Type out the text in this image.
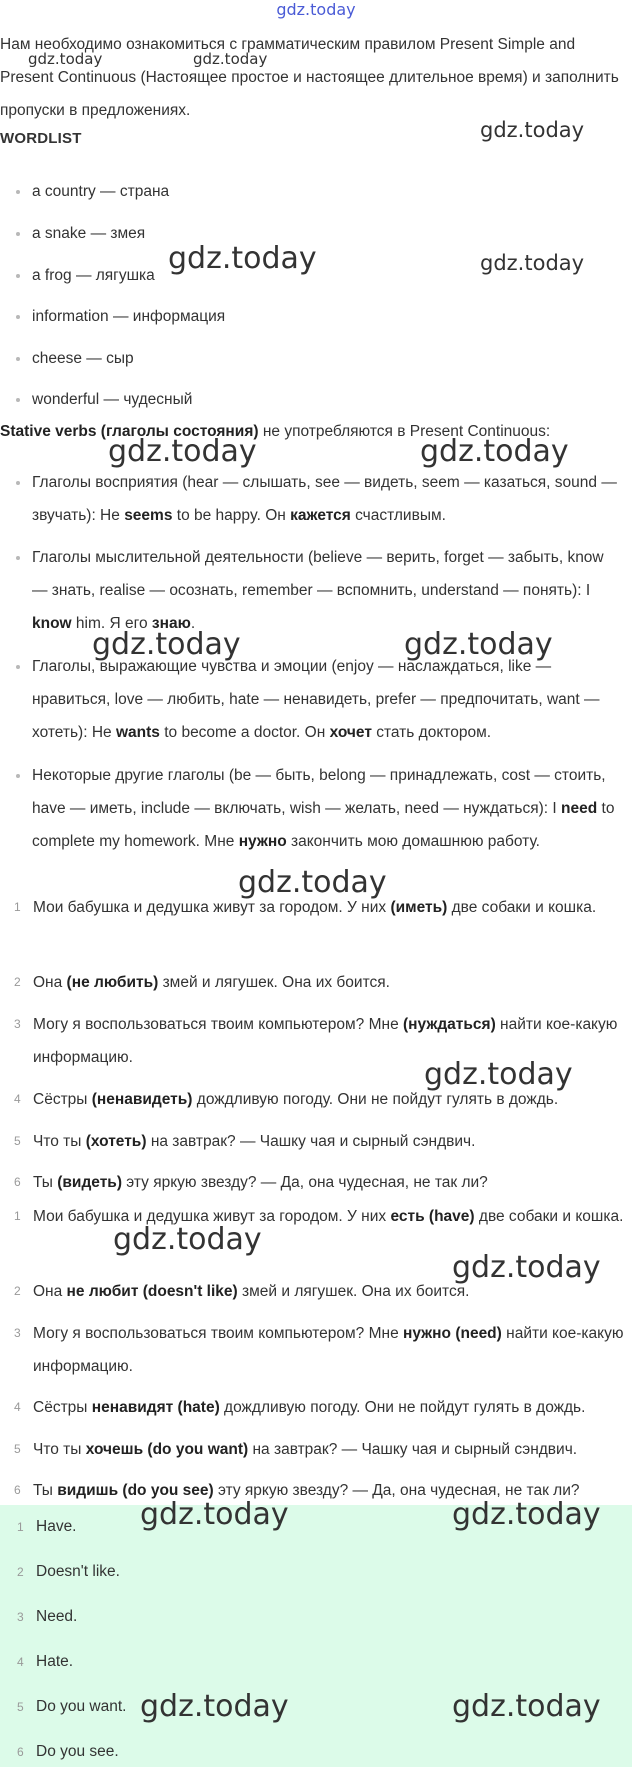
gdz.today
Нам необходимо ознакомиться с грамматическим правилом Present Simple and Present Continuous (Настоящее простое и настоящее длительное время) и заполнить пропуски в предложениях.
WORDLIST
a country — страна
a snake — змея
a frog — лягушка
information — информация
cheese — сыр
wonderful — чудесный
Stative verbs (глаголы состояния) не употребляются в Present Continuous:
Глаголы восприятия (hear — слышать, see — видеть, seem — казаться, sound — звучать): He seems to be happy. Он кажется счастливым.
Глаголы мыслительной деятельности (believe — верить, forget — забыть, know — знать, realise — осознать, remember — вспомнить, understand — понять): I know him. Я его знаю.
Глаголы, выражающие чувства и эмоции (enjoy — наслаждаться, like — нравиться, love — любить, hate — ненавидеть, prefer — предпочитать, want — хотеть): He wants to become a doctor. Он хочет стать доктором.
Некоторые другие глаголы (be — быть, belong — принадлежать, cost — стоить, have — иметь, include — включать, wish — желать, need — нуждаться): I need to complete my homework. Мне нужно закончить мою домашнюю работу.
1 Мои бабушка и дедушка живут за городом. У них (иметь) две собаки и кошка.
2 Она (не любить) змей и лягушек. Она их боится.
3 Могу я воспользоваться твоим компьютером? Мне (нуждаться) найти кое-какую информацию.
4 Сёстры (ненавидеть) дождливую погоду. Они не пойдут гулять в дождь.
5 Что ты (хотеть) на завтрак? — Чашку чая и сырный сэндвич.
6 Ты (видеть) эту яркую звезду? — Да, она чудесная, не так ли?
1 Мои бабушка и дедушка живут за городом. У них есть (have) две собаки и кошка.
2 Она не любит (doesn't like) змей и лягушек. Она их боится.
3 Могу я воспользоваться твоим компьютером? Мне нужно (need) найти кое-какую информацию.
4 Сёстры ненавидят (hate) дождливую погоду. Они не пойдут гулять в дождь.
5 Что ты хочешь (do you want) на завтрак? — Чашку чая и сырный сэндвич.
6 Ты видишь (do you see) эту яркую звезду? — Да, она чудесная, не так ли?
1 Have.
2 Doesn't like.
3 Need.
4 Hate.
5 Do you want.
6 Do you see.
gdz.today	gdz.today
gdz.today
gdz.today	gdz.today
gdz.today	gdz.today
gdz.today	gdz.today
gdz.today
gdz.today
gdz.today
gdz.today
gdz.today	gdz.today
gdz.today	gdz.today
